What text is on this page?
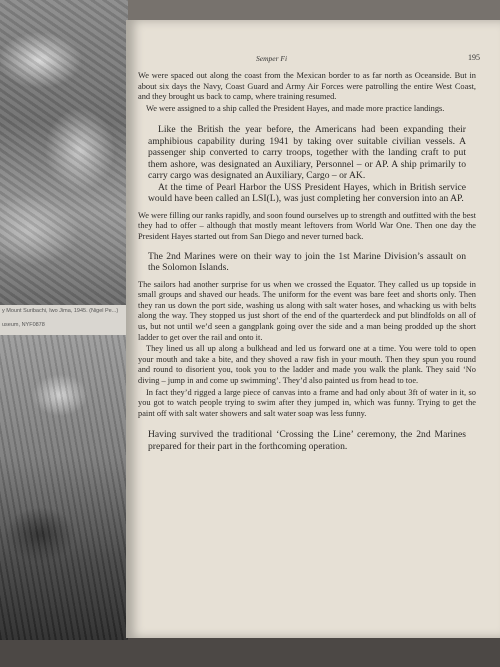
y Mount Suribachi, Iwo Jima, 1945. (Nigel Pe...)
useum, NYF0878
Semper Fi	195

We were spaced out along the coast from the Mexican border to as far north as Oceanside. But in about six days the Navy, Coast Guard and Army Air Forces were patrolling the entire West Coast, and they brought us back to camp, where training resumed.

We were assigned to a ship called the President Hayes, and made more practice landings.

Like the British the year before, the Americans had been expanding their amphibious capability during 1941 by taking over suitable civilian vessels. A passenger ship converted to carry troops, together with the landing craft to put them ashore, was designated an Auxiliary, Personnel – or AP. A ship primarily to carry cargo was designated an Auxiliary, Cargo – or AK.

At the time of Pearl Harbor the USS President Hayes, which in British service would have been called an LSI(L), was just completing her conversion into an AP.

We were filling our ranks rapidly, and soon found ourselves up to strength and outfitted with the best they had to offer – although that mostly meant leftovers from World War One. Then one day the President Hayes started out from San Diego and never turned back.

The 2nd Marines were on their way to join the 1st Marine Division’s assault on the Solomon Islands.

The sailors had another surprise for us when we crossed the Equator. They called us up topside in small groups and shaved our heads. The uniform for the event was bare feet and shorts only. Then they ran us down the port side, washing us along with salt water hoses, and whacking us with belts along the way. They stopped us just short of the end of the quarterdeck and put blindfolds on all of us, but not until we’d seen a gangplank going over the side and a man being prodded up the short ladder to get over the rail and onto it.

They lined us all up along a bulkhead and led us forward one at a time. You were told to open your mouth and take a bite, and they shoved a raw fish in your mouth. Then they spun you round and round to disorient you, took you to the ladder and made you walk the plank. They said ‘No diving – jump in and come up swimming’. They’d also painted us from head to toe.

In fact they’d rigged a large piece of canvas into a frame and had only about 3ft of water in it, so you got to watch people trying to swim after they jumped in, which was funny. Trying to get the paint off with salt water showers and salt water soap was less funny.

Having survived the traditional ‘Crossing the Line’ ceremony, the 2nd Marines prepared for their part in the forthcoming operation.
